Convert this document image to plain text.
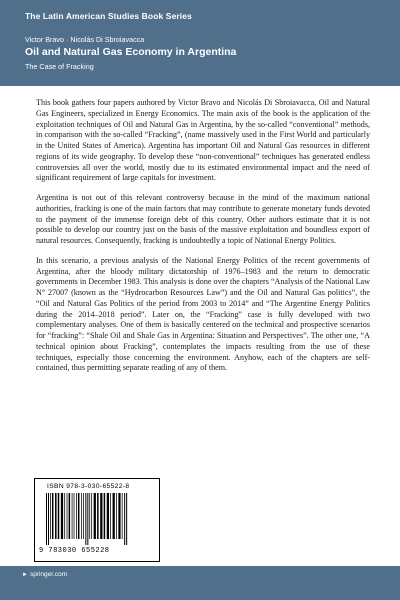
The Latin American Studies Book Series
Victor Bravo · Nicolás Di Sbroiavacca
Oil and Natural Gas Economy in Argentina
The Case of Fracking

This book gathers four papers authored by Victor Bravo and Nicolás Di Sbroiavacca, Oil and Natural Gas Engineers, specialized in Energy Economics. The main axis of the book is the application of the exploitation techniques of Oil and Natural Gas in Argentina, by the so-called “conventional” methods, in comparison with the so-called “Fracking”, (name massively used in the First World and particularly in the United States of America). Argentina has important Oil and Natural Gas resources in different regions of its wide geography. To develop these “non-conventional” techniques has generated endless controversies all over the world, mostly due to its estimated environmental impact and the need of significant requirement of large capitals for investment.

Argentina is not out of this relevant controversy because in the mind of the maximum national authorities, fracking is one of the main factors that may contribute to generate monetary funds devoted to the payment of the immense foreign debt of this country. Other authors estimate that it is not possible to develop our country just on the basis of the massive exploitation and boundless export of natural resources. Consequently, fracking is undoubtedly a topic of National Energy Politics.

In this scenario, a previous analysis of the National Energy Politics of the recent governments of Argentina, after the bloody military dictatorship of 1976–1983 and the return to democratic governments in December 1983. This analysis is done over the chapters “Analysis of the National Law N° 27007 (known as the “Hydrocarbon Resources Law”) and the Oil and Natural Gas politics”, the “Oil and Natural Gas Politics of the period from 2003 to 2014” and “The Argentine Energy Politics during the 2014–2018 period”. Later on, the “Fracking” case is fully developed with two complementary analyses. One of them is basically centered on the technical and prospective scenarios for “fracking”: “Shale Oil and Shale Gas in Argentina: Situation and Perspectives”. The other one, “A technical opinion about Fracking”, contemplates the impacts resulting from the use of these techniques, especially those concerning the environment. Anyhow, each of the chapters are self-contained, thus permitting separate reading of any of them.

ISBN 978-3-030-65522-8
9 783030 655228
► springer.com
